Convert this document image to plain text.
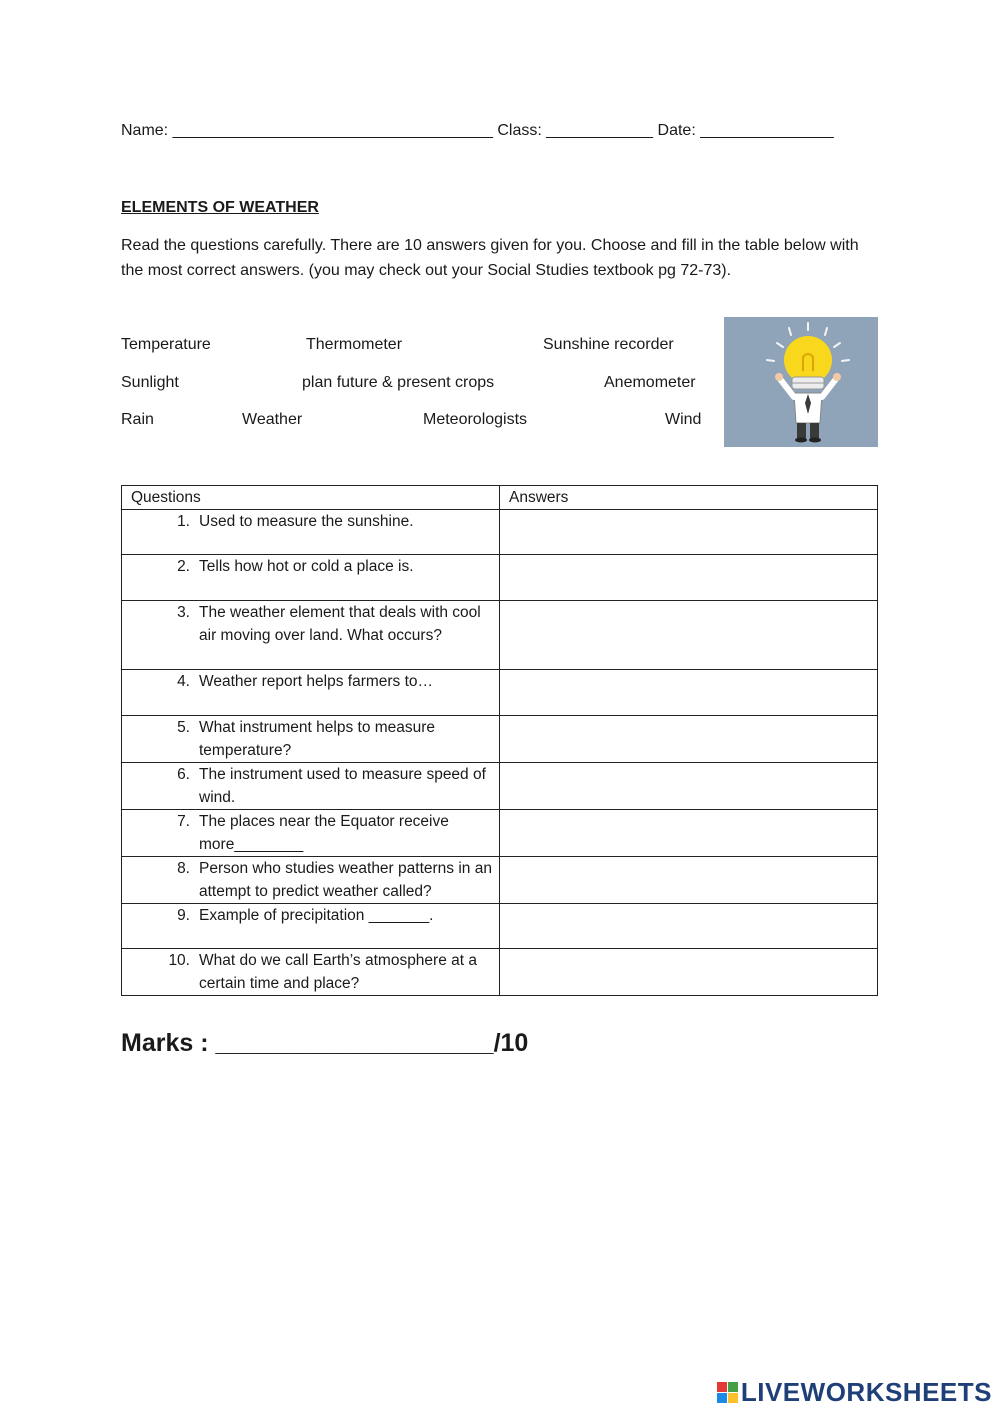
Name: ____________________________________ Class: ____________ Date: _______________
ELEMENTS OF WEATHER
Read the questions carefully. There are 10 answers given for you. Choose and fill in the table below with the most correct answers. (you may check out your Social Studies textbook pg 72-73).
Temperature	Thermometer	Sunshine recorder
Sunlight	plan future & present crops	Anemometer
Rain	Weather	Meteorologists	Wind
Questions	Answers

1. Used to measure the sunshine.	

2. Tells how hot or cold a place is.	

3. The weather element that deals with cool air moving over land. What occurs?	

4. Weather report helps farmers to…	

5. What instrument helps to measure temperature?	

6. The instrument used to measure speed of wind.	

7. The places near the Equator receive more________	

8. Person who studies weather patterns in an attempt to predict weather called?	

9. Example of precipitation _______.	

10. What do we call Earth’s atmosphere at a certain time and place?	

Marks : ____________________/10
LIVEWORKSHEETS
